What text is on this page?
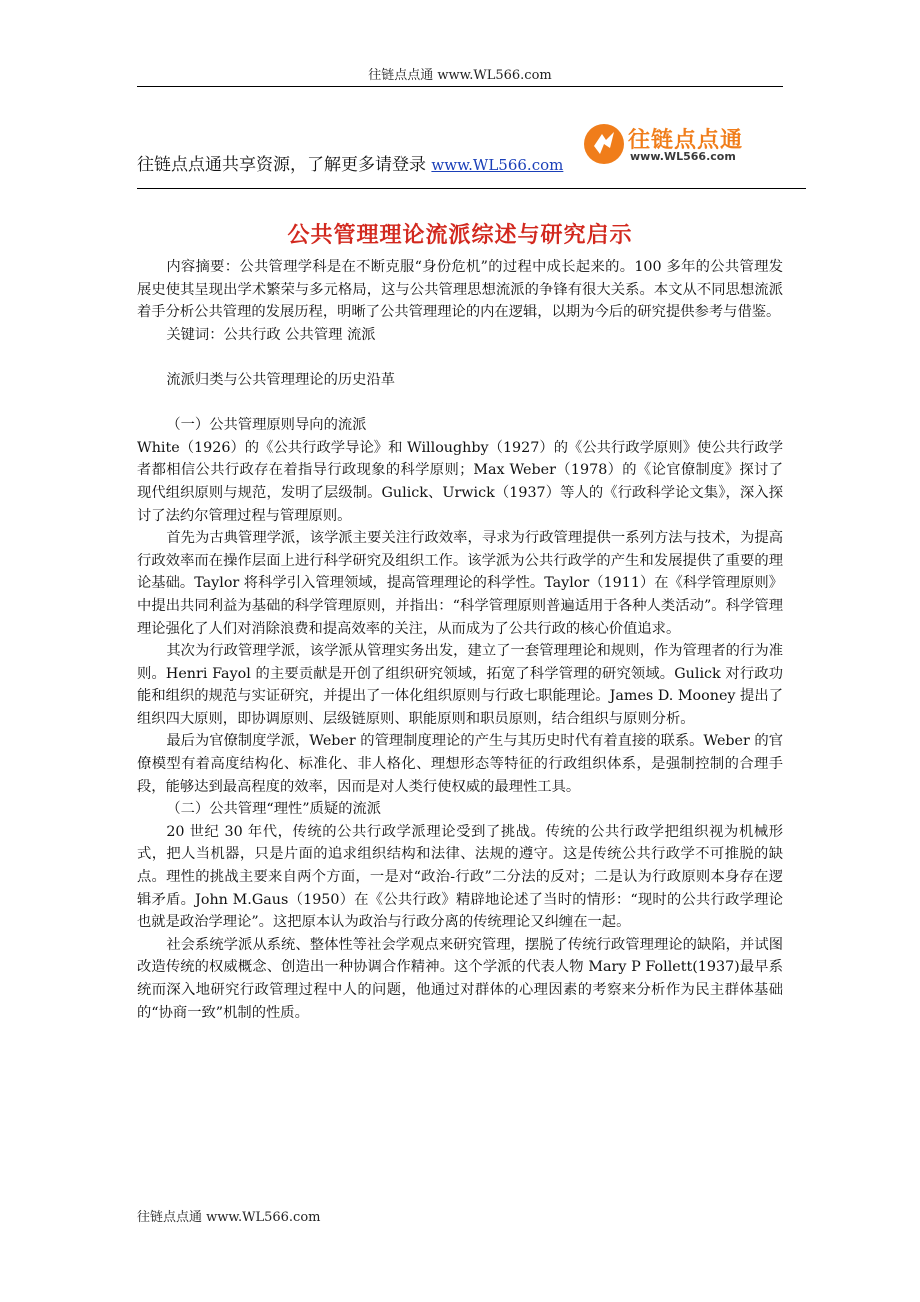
往链点点通 www.WL566.com
往链点点通共享资源，了解更多请登录 www.WL566.com
往链点点通
www.WL566.com
公共管理理论流派综述与研究启示

内容摘要：公共管理学科是在不断克服“身份危机”的过程中成长起来的。100 多年的公共管理发展史使其呈现出学术繁荣与多元格局，这与公共管理思想流派的争锋有很大关系。本文从不同思想流派着手分析公共管理的发展历程，明晰了公共管理理论的内在逻辑，以期为今后的研究提供参考与借鉴。

关键词：公共行政 公共管理 流派

流派归类与公共管理理论的历史沿革

（一）公共管理原则导向的流派

White（1926）的《公共行政学导论》和 Willoughby（1927）的《公共行政学原则》使公共行政学者都相信公共行政存在着指导行政现象的科学原则；Max Weber（1978）的《论官僚制度》探讨了现代组织原则与规范，发明了层级制。Gulick、Urwick（1937）等人的《行政科学论文集》，深入探讨了法约尔管理过程与管理原则。

首先为古典管理学派，该学派主要关注行政效率，寻求为行政管理提供一系列方法与技术，为提高行政效率而在操作层面上进行科学研究及组织工作。该学派为公共行政学的产生和发展提供了重要的理论基础。Taylor 将科学引入管理领域，提高管理理论的科学性。Taylor（1911）在《科学管理原则》中提出共同利益为基础的科学管理原则，并指出：“科学管理原则普遍适用于各种人类活动”。科学管理理论强化了人们对消除浪费和提高效率的关注，从而成为了公共行政的核心价值追求。

其次为行政管理学派，该学派从管理实务出发，建立了一套管理理论和规则，作为管理者的行为准则。Henri Fayol 的主要贡献是开创了组织研究领域，拓宽了科学管理的研究领域。Gulick 对行政功能和组织的规范与实证研究，并提出了一体化组织原则与行政七职能理论。James D. Mooney 提出了组织四大原则，即协调原则、层级链原则、职能原则和职员原则，结合组织与原则分析。

最后为官僚制度学派，Weber 的管理制度理论的产生与其历史时代有着直接的联系。Weber 的官僚模型有着高度结构化、标准化、非人格化、理想形态等特征的行政组织体系，是强制控制的合理手段，能够达到最高程度的效率，因而是对人类行使权威的最理性工具。

（二）公共管理“理性”质疑的流派

20 世纪 30 年代，传统的公共行政学派理论受到了挑战。传统的公共行政学把组织视为机械形式，把人当机器，只是片面的追求组织结构和法律、法规的遵守。这是传统公共行政学不可推脱的缺点。理性的挑战主要来自两个方面，一是对“政治-行政”二分法的反对；二是认为行政原则本身存在逻辑矛盾。John M.Gaus（1950）在《公共行政》精辟地论述了当时的情形：“现时的公共行政学理论也就是政治学理论”。这把原本认为政治与行政分离的传统理论又纠缠在一起。

社会系统学派从系统、整体性等社会学观点来研究管理，摆脱了传统行政管理理论的缺陷，并试图改造传统的权威概念、创造出一种协调合作精神。这个学派的代表人物 Mary P Follett(1937)最早系统而深入地研究行政管理过程中人的问题，他通过对群体的心理因素的考察来分析作为民主群体基础的“协商一致”机制的性质。

往链点点通 www.WL566.com
